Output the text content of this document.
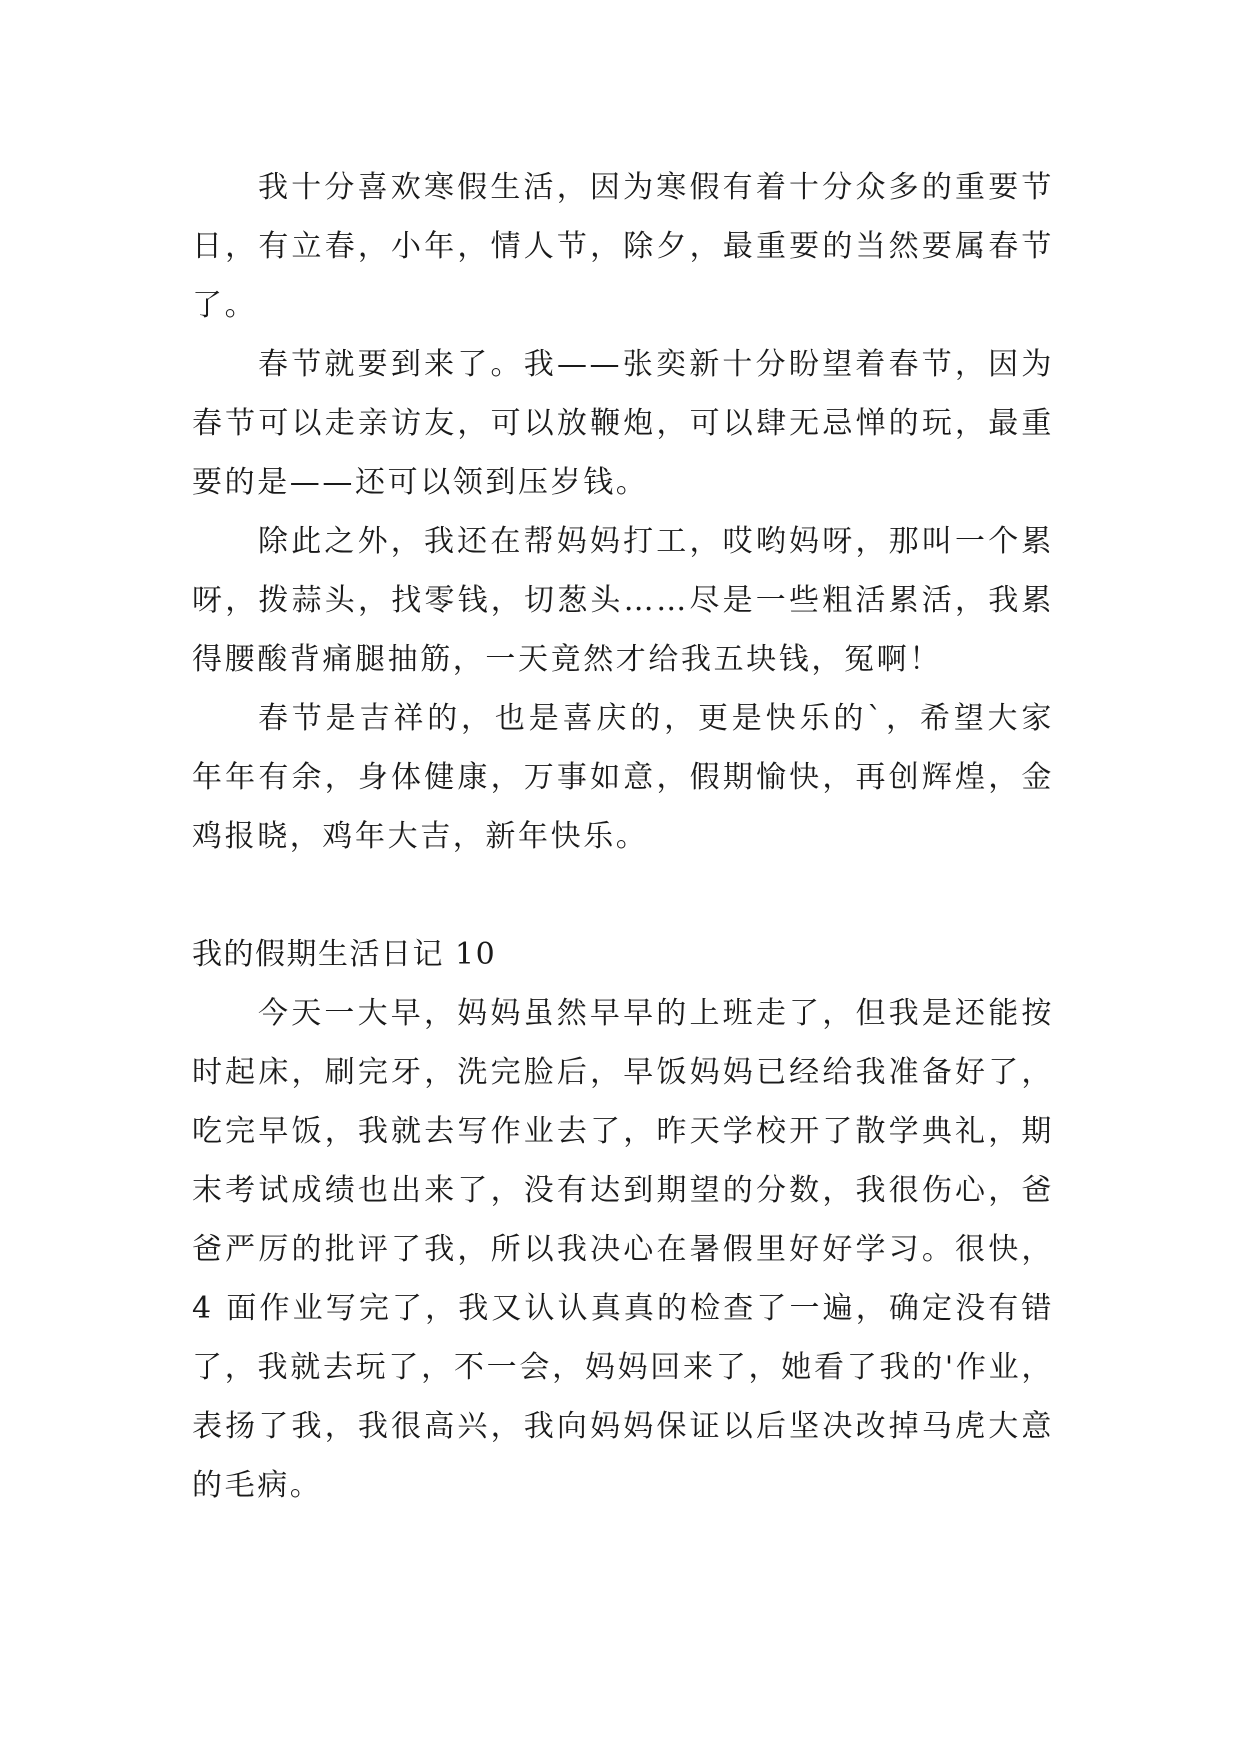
我十分喜欢寒假生活，因为寒假有着十分众多的重要节日，有立春，小年，情人节，除夕，最重要的当然要属春节了。

春节就要到来了。我——张奕新十分盼望着春节，因为春节可以走亲访友，可以放鞭炮，可以肆无忌惮的玩，最重要的是——还可以领到压岁钱。

除此之外，我还在帮妈妈打工，哎哟妈呀，那叫一个累呀，拨蒜头，找零钱，切葱头……尽是一些粗活累活，我累得腰酸背痛腿抽筋，一天竟然才给我五块钱，冤啊！

春节是吉祥的，也是喜庆的，更是快乐的`，希望大家年年有余，身体健康，万事如意，假期愉快，再创辉煌，金鸡报晓，鸡年大吉，新年快乐。

我的假期生活日记 10

今天一大早，妈妈虽然早早的上班走了，但我是还能按时起床，刷完牙，洗完脸后，早饭妈妈已经给我准备好了，吃完早饭，我就去写作业去了，昨天学校开了散学典礼，期末考试成绩也出来了，没有达到期望的分数，我很伤心，爸爸严厉的批评了我，所以我决心在暑假里好好学习。很快，4 面作业写完了，我又认认真真的检查了一遍，确定没有错了，我就去玩了，不一会，妈妈回来了，她看了我的'作业，表扬了我，我很高兴，我向妈妈保证以后坚决改掉马虎大意的毛病。
